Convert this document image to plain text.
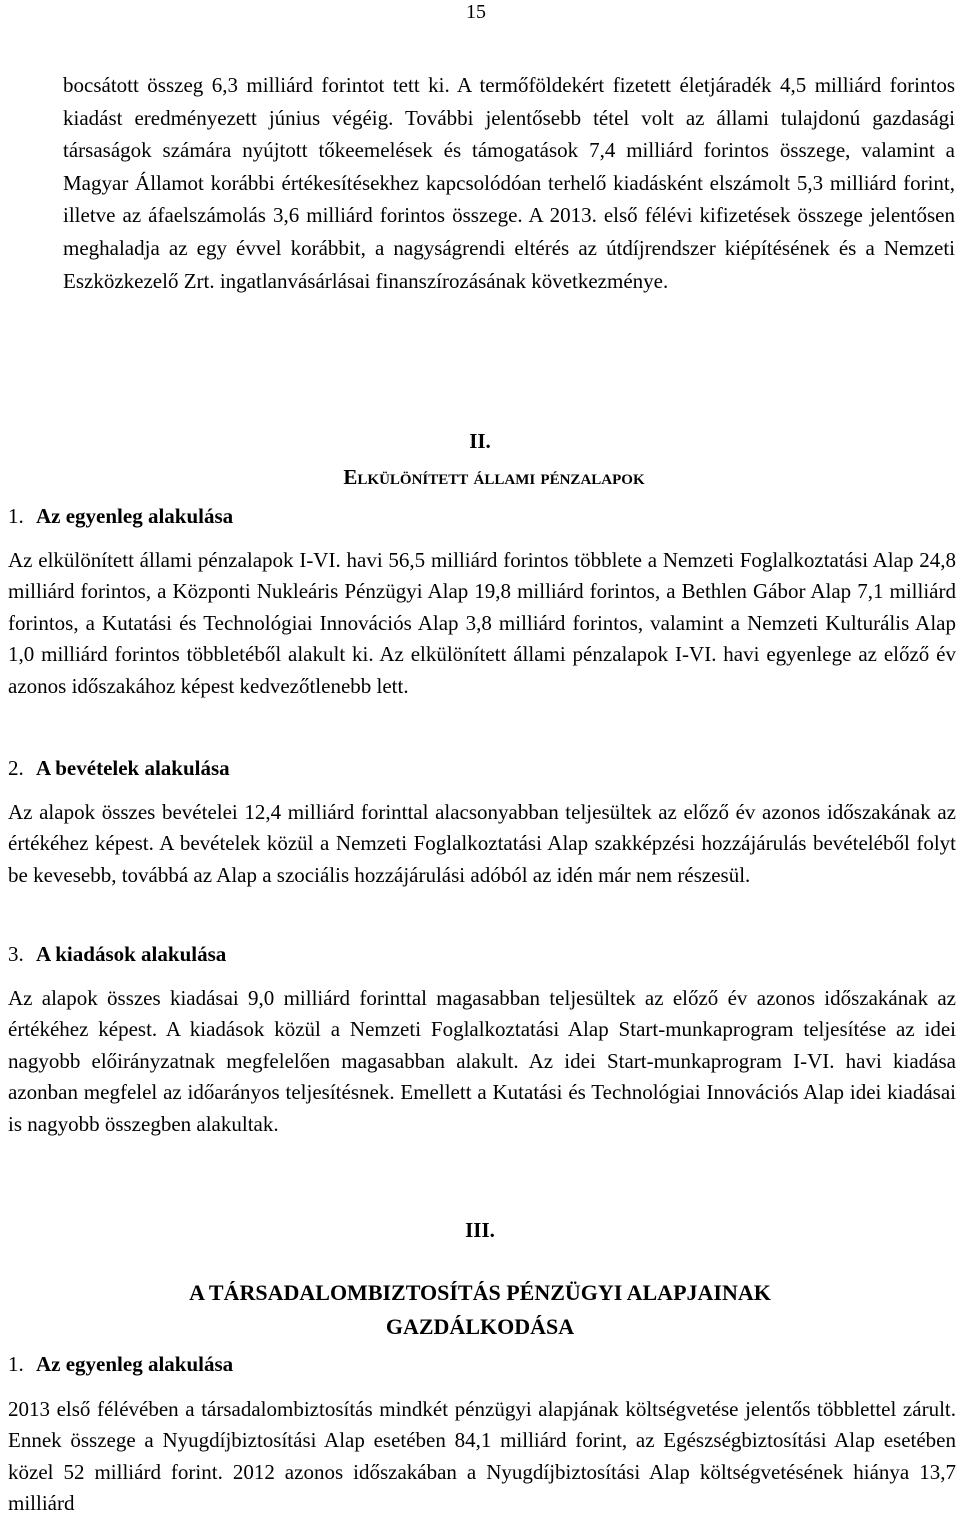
15

bocsátott összeg 6,3 milliárd forintot tett ki. A termőföldekért fizetett életjáradék 4,5 milliárd forintos kiadást eredményezett június végéig. További jelentősebb tétel volt az állami tulajdonú gazdasági társaságok számára nyújtott tőkeemelések és támogatások 7,4 milliárd forintos összege, valamint a Magyar Államot korábbi értékesítésekhez kapcsolódóan terhelő kiadásként elszámolt 5,3 milliárd forint, illetve az áfaelszámolás 3,6 milliárd forintos összege. A 2013. első félévi kifizetések összege jelentősen meghaladja az egy évvel korábbit, a nagyságrendi eltérés az útdíjrendszer kiépítésének és a Nemzeti Eszközkezelő Zrt. ingatlanvásárlásai finanszírozásának következménye.

II.
Elkülönített állami pénzalapok
1. Az egyenleg alakulása

Az elkülönített állami pénzalapok I-VI. havi 56,5 milliárd forintos többlete a Nemzeti Foglalkoztatási Alap 24,8 milliárd forintos, a Központi Nukleáris Pénzügyi Alap 19,8 milliárd forintos, a Bethlen Gábor Alap 7,1 milliárd forintos, a Kutatási és Technológiai Innovációs Alap 3,8 milliárd forintos, valamint a Nemzeti Kulturális Alap 1,0 milliárd forintos többletéből alakult ki. Az elkülönített állami pénzalapok I-VI. havi egyenlege az előző év azonos időszakához képest kedvezőtlenebb lett.

2. A bevételek alakulása

Az alapok összes bevételei 12,4 milliárd forinttal alacsonyabban teljesültek az előző év azonos időszakának az értékéhez képest. A bevételek közül a Nemzeti Foglalkoztatási Alap szakképzési hozzájárulás bevételéből folyt be kevesebb, továbbá az Alap a szociális hozzájárulási adóból az idén már nem részesül.

3. A kiadások alakulása

Az alapok összes kiadásai 9,0 milliárd forinttal magasabban teljesültek az előző év azonos időszakának az értékéhez képest. A kiadások közül a Nemzeti Foglalkoztatási Alap Start-munkaprogram teljesítése az idei nagyobb előirányzatnak megfelelően magasabban alakult. Az idei Start-munkaprogram I-VI. havi kiadása azonban megfelel az időarányos teljesítésnek. Emellett a Kutatási és Technológiai Innovációs Alap idei kiadásai is nagyobb összegben alakultak.

III.
A TÁRSADALOMBIZTOSÍTÁS PÉNZÜGYI ALAPJAINAK
GAZDÁLKODÁSA
1. Az egyenleg alakulása

2013 első félévében a társadalombiztosítás mindkét pénzügyi alapjának költségvetése jelentős többlettel zárult. Ennek összege a Nyugdíjbiztosítási Alap esetében 84,1 milliárd forint, az Egészségbiztosítási Alap esetében közel 52 milliárd forint. 2012 azonos időszakában a Nyugdíjbiztosítási Alap költségvetésének hiánya 13,7 milliárd
